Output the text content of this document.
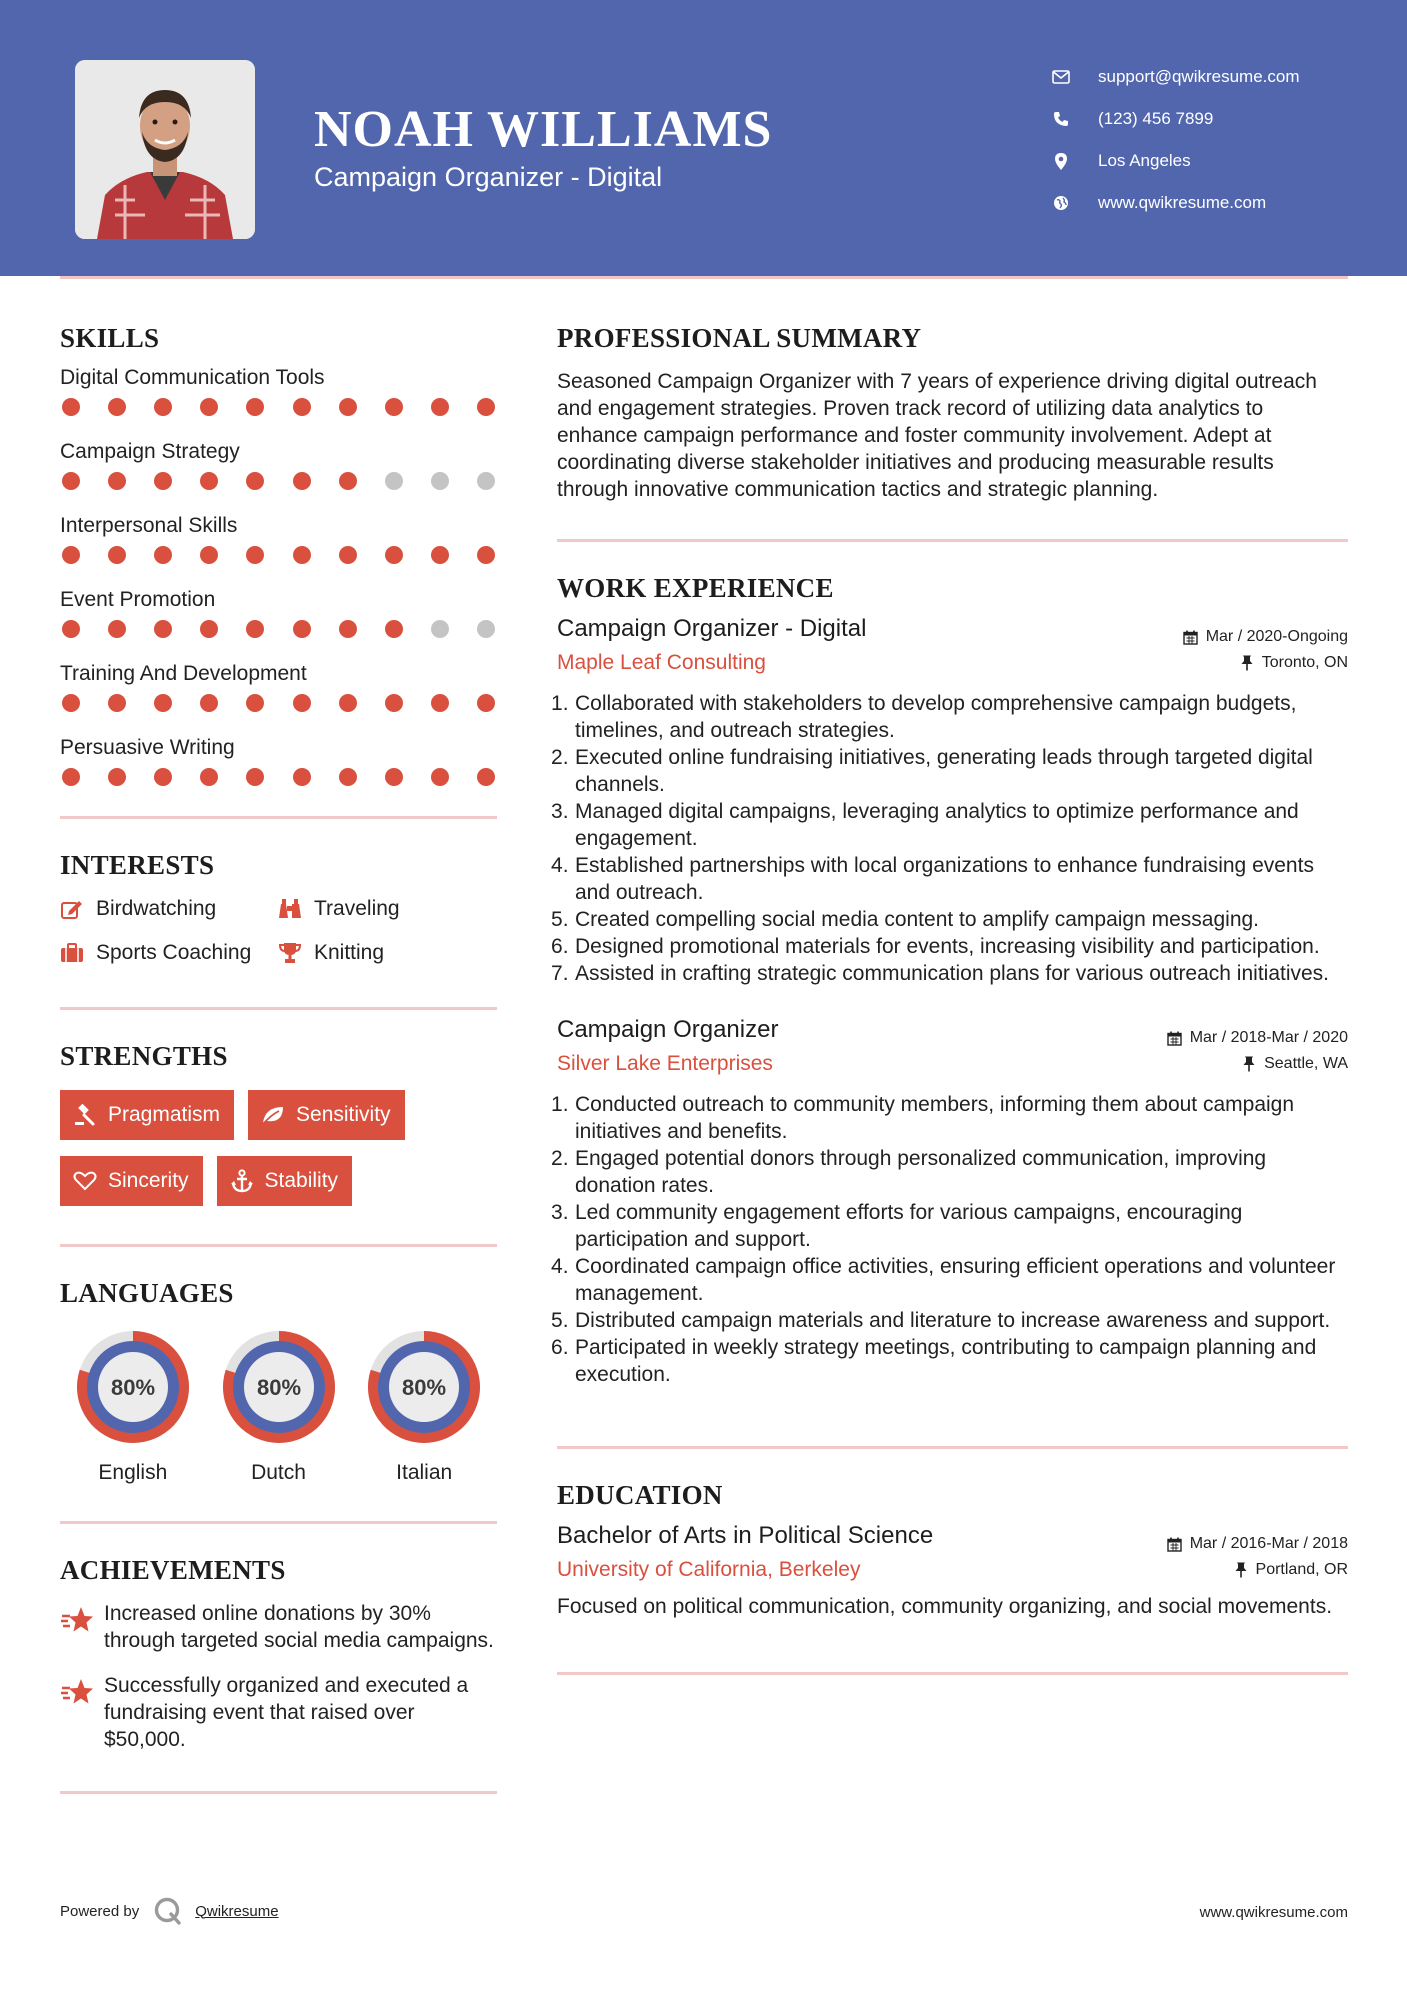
NOAH WILLIAMS
Campaign Organizer - Digital
support@qwikresume.com
(123) 456 7899
Los Angeles
www.qwikresume.com
SKILLS
Digital Communication Tools
Campaign Strategy
Interpersonal Skills
Event Promotion
Training And Development
Persuasive Writing
INTERESTS
Birdwatching	Traveling
Sports Coaching	Knitting
STRENGTHS
Pragmatism	Sensitivity
Sincerity	Stability
LANGUAGES
80%
English
80%
Dutch
80%
Italian
ACHIEVEMENTS
Increased online donations by 30% through targeted social media campaigns.
Successfully organized and executed a fundraising event that raised over $50,000.
PROFESSIONAL SUMMARY
Seasoned Campaign Organizer with 7 years of experience driving digital outreach and engagement strategies. Proven track record of utilizing data analytics to enhance campaign performance and foster community involvement. Adept at coordinating diverse stakeholder initiatives and producing measurable results through innovative communication tactics and strategic planning.
WORK EXPERIENCE
Campaign Organizer - Digital	Mar / 2020-Ongoing
Maple Leaf Consulting	Toronto, ON
Collaborated with stakeholders to develop comprehensive campaign budgets, timelines, and outreach strategies.
Executed online fundraising initiatives, generating leads through targeted digital channels.
Managed digital campaigns, leveraging analytics to optimize performance and engagement.
Established partnerships with local organizations to enhance fundraising events and outreach.
Created compelling social media content to amplify campaign messaging.
Designed promotional materials for events, increasing visibility and participation.
Assisted in crafting strategic communication plans for various outreach initiatives.
Campaign Organizer	Mar / 2018-Mar / 2020
Silver Lake Enterprises	Seattle, WA
Conducted outreach to community members, informing them about campaign initiatives and benefits.
Engaged potential donors through personalized communication, improving donation rates.
Led community engagement efforts for various campaigns, encouraging participation and support.
Coordinated campaign office activities, ensuring efficient operations and volunteer management.
Distributed campaign materials and literature to increase awareness and support.
Participated in weekly strategy meetings, contributing to campaign planning and execution.
EDUCATION
Bachelor of Arts in Political Science	Mar / 2016-Mar / 2018
University of California, Berkeley	Portland, OR
Focused on political communication, community organizing, and social movements.
Powered by	Qwikresume	www.qwikresume.com
